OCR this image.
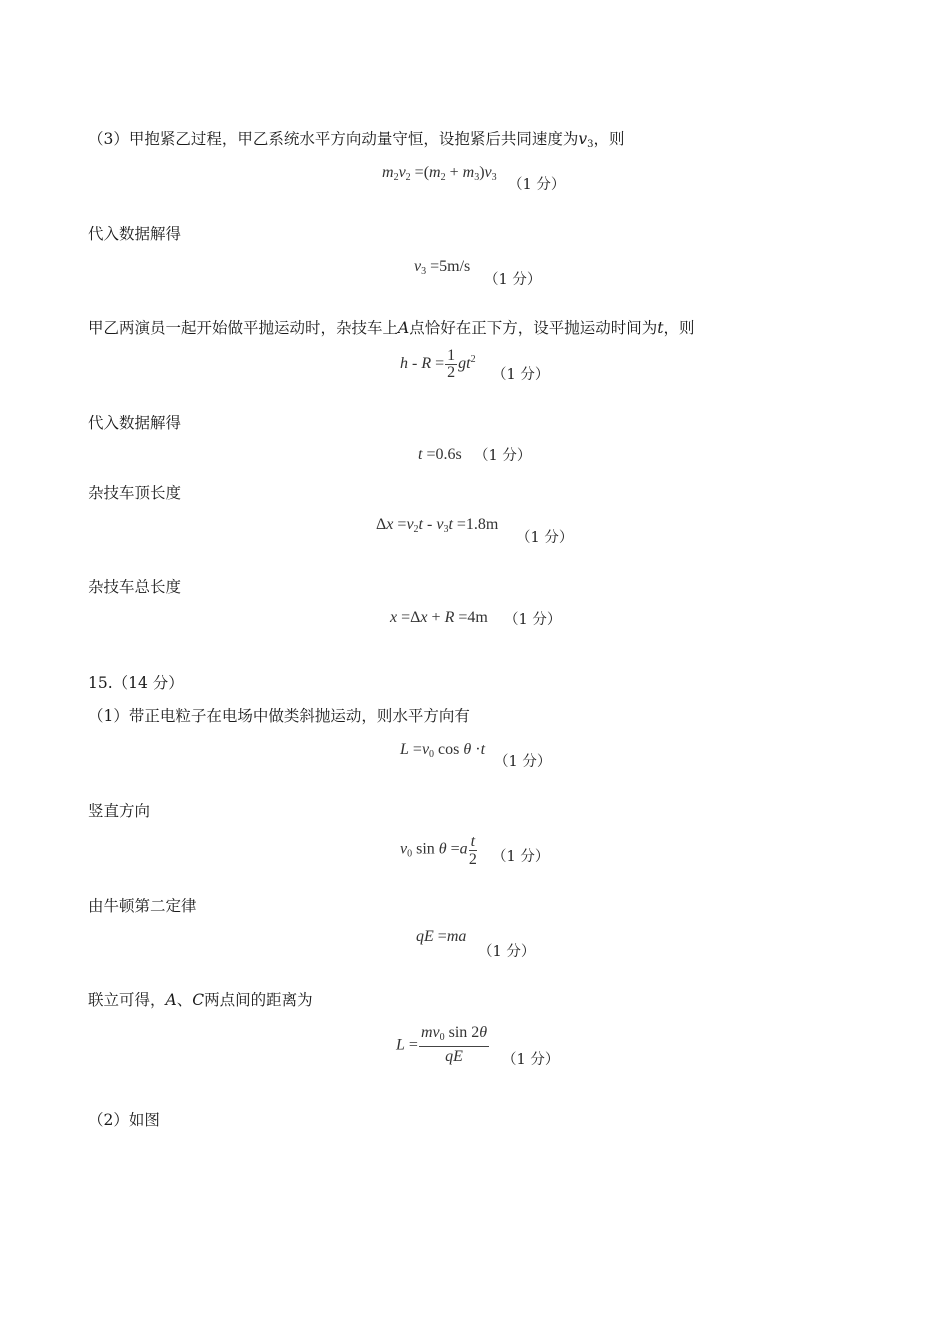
（3）甲抱紧乙过程，甲乙系统水平方向动量守恒，设抱紧后共同速度为$v_3$，则
$m_2v_2 =(m_2 + m_3)v_3$ （1 分）
代入数据解得
$v_3 =5m/s$
（1 分）
甲乙两演员一起开始做平抛运动时，杂技车上A点恰好在正下方，设平抛运动时间为t，则
$h - R = \frac{1}{2} gt^2$
（1 分）
代入数据解得
t =0.6s （1 分）
杂技车顶长度
$\Delta x =v_2t - v_3t =1.8m$
（1 分）
杂技车总长度
x =Δx + R =4m （1 分）
15.（14 分）
（1）带正电粒子在电场中做类斜抛运动，则水平方向有
$L =v_0$ cos θ ·t
（1 分）
竖直方向
$v_0$ $\sin \theta =a\frac{t}{2} (1$ 分）
由牛顿第二定律
qE =ma
（1 分）
联立可得，A、C两点间的距离为
$L = \frac{mv_0 \sin 2\theta}{qE} (1$ 分）
（2）如图
